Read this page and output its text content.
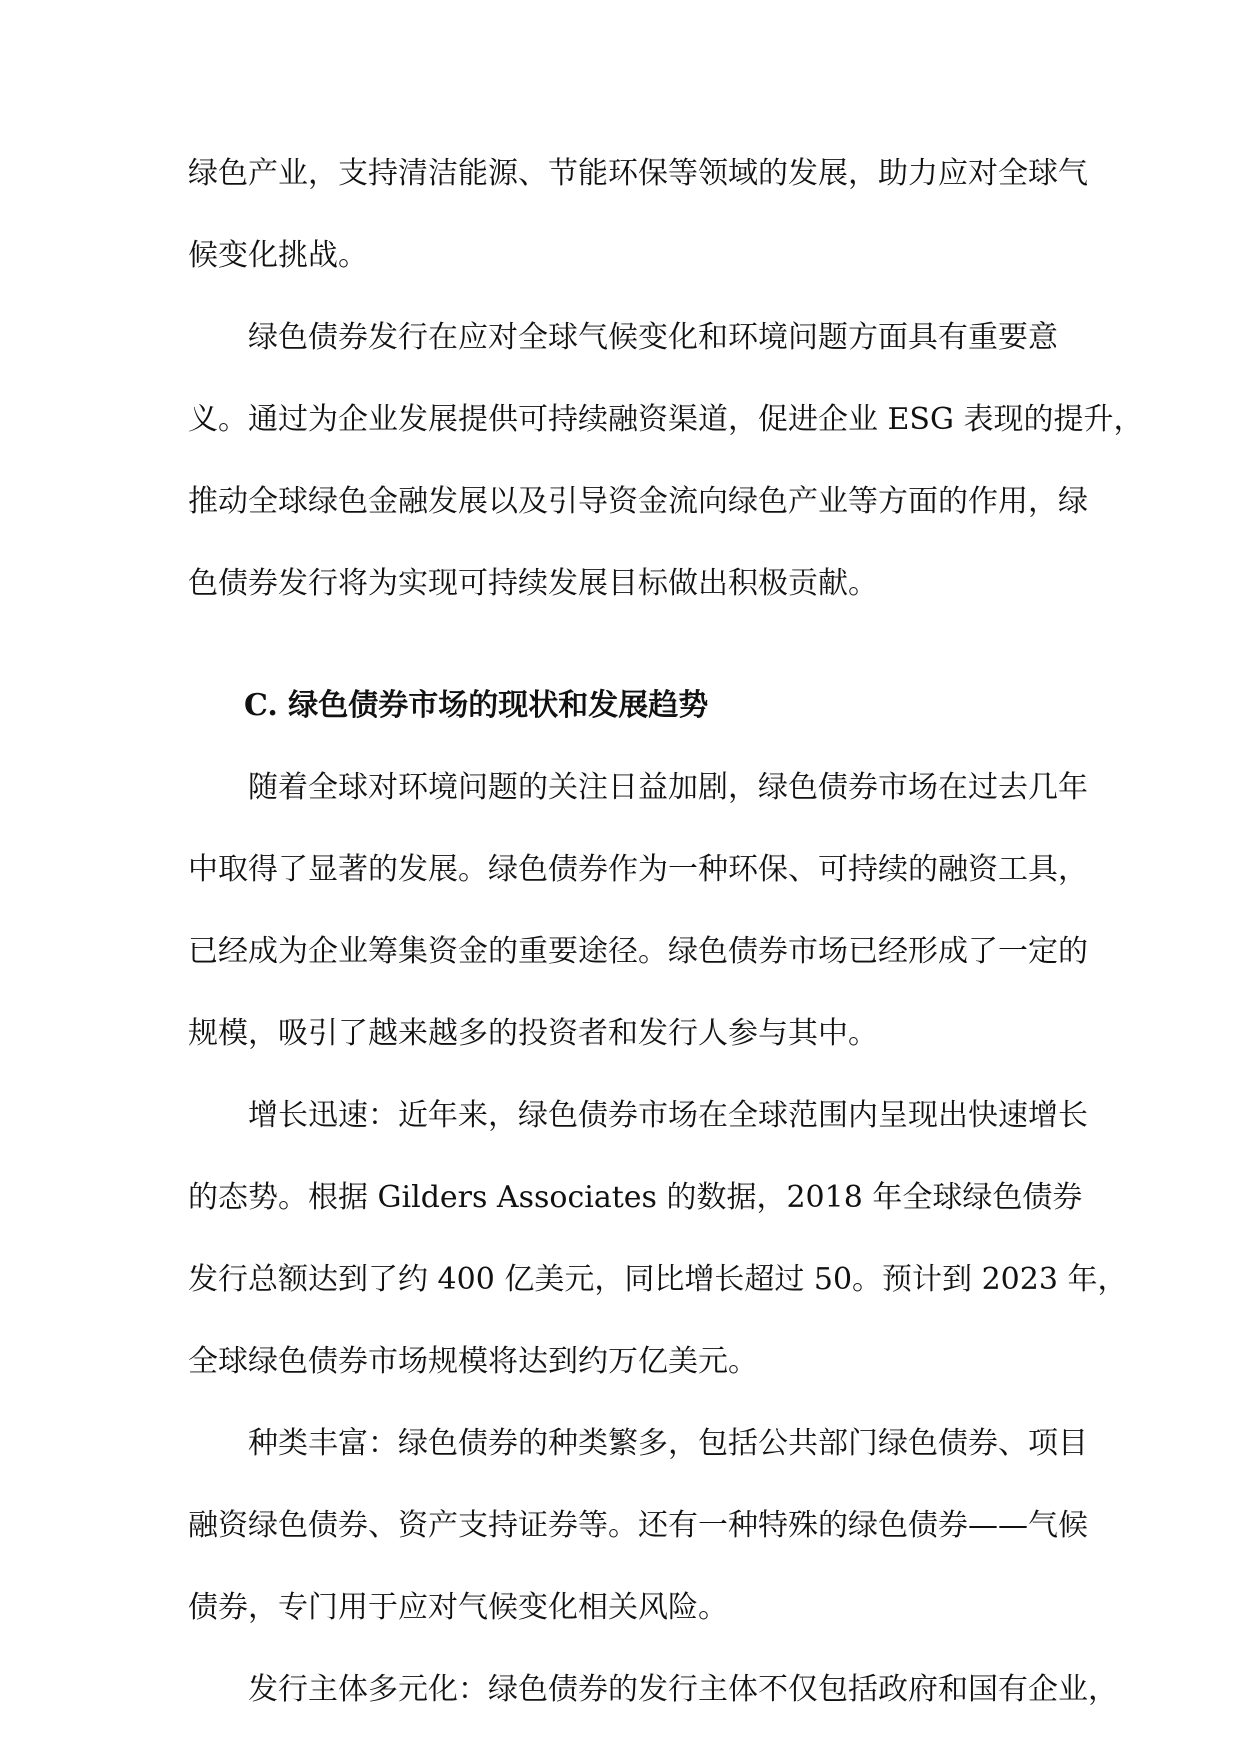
绿色产业，支持清洁能源、节能环保等领域的发展，助力应对全球气
候变化挑战。
绿色债券发行在应对全球气候变化和环境问题方面具有重要意
义。通过为企业发展提供可持续融资渠道，促进企业 ESG 表现的提升，
推动全球绿色金融发展以及引导资金流向绿色产业等方面的作用，绿
色债券发行将为实现可持续发展目标做出积极贡献。
C. 绿色债券市场的现状和发展趋势
随着全球对环境问题的关注日益加剧，绿色债券市场在过去几年
中取得了显著的发展。绿色债券作为一种环保、可持续的融资工具，
已经成为企业筹集资金的重要途径。绿色债券市场已经形成了一定的
规模，吸引了越来越多的投资者和发行人参与其中。
增长迅速：近年来，绿色债券市场在全球范围内呈现出快速增长
的态势。根据 Gilders Associates 的数据，2018 年全球绿色债券
发行总额达到了约 400 亿美元，同比增长超过 50。预计到 2023 年，
全球绿色债券市场规模将达到约万亿美元。
种类丰富：绿色债券的种类繁多，包括公共部门绿色债券、项目
融资绿色债券、资产支持证券等。还有一种特殊的绿色债券——气候
债券，专门用于应对气候变化相关风险。
发行主体多元化：绿色债券的发行主体不仅包括政府和国有企业，
